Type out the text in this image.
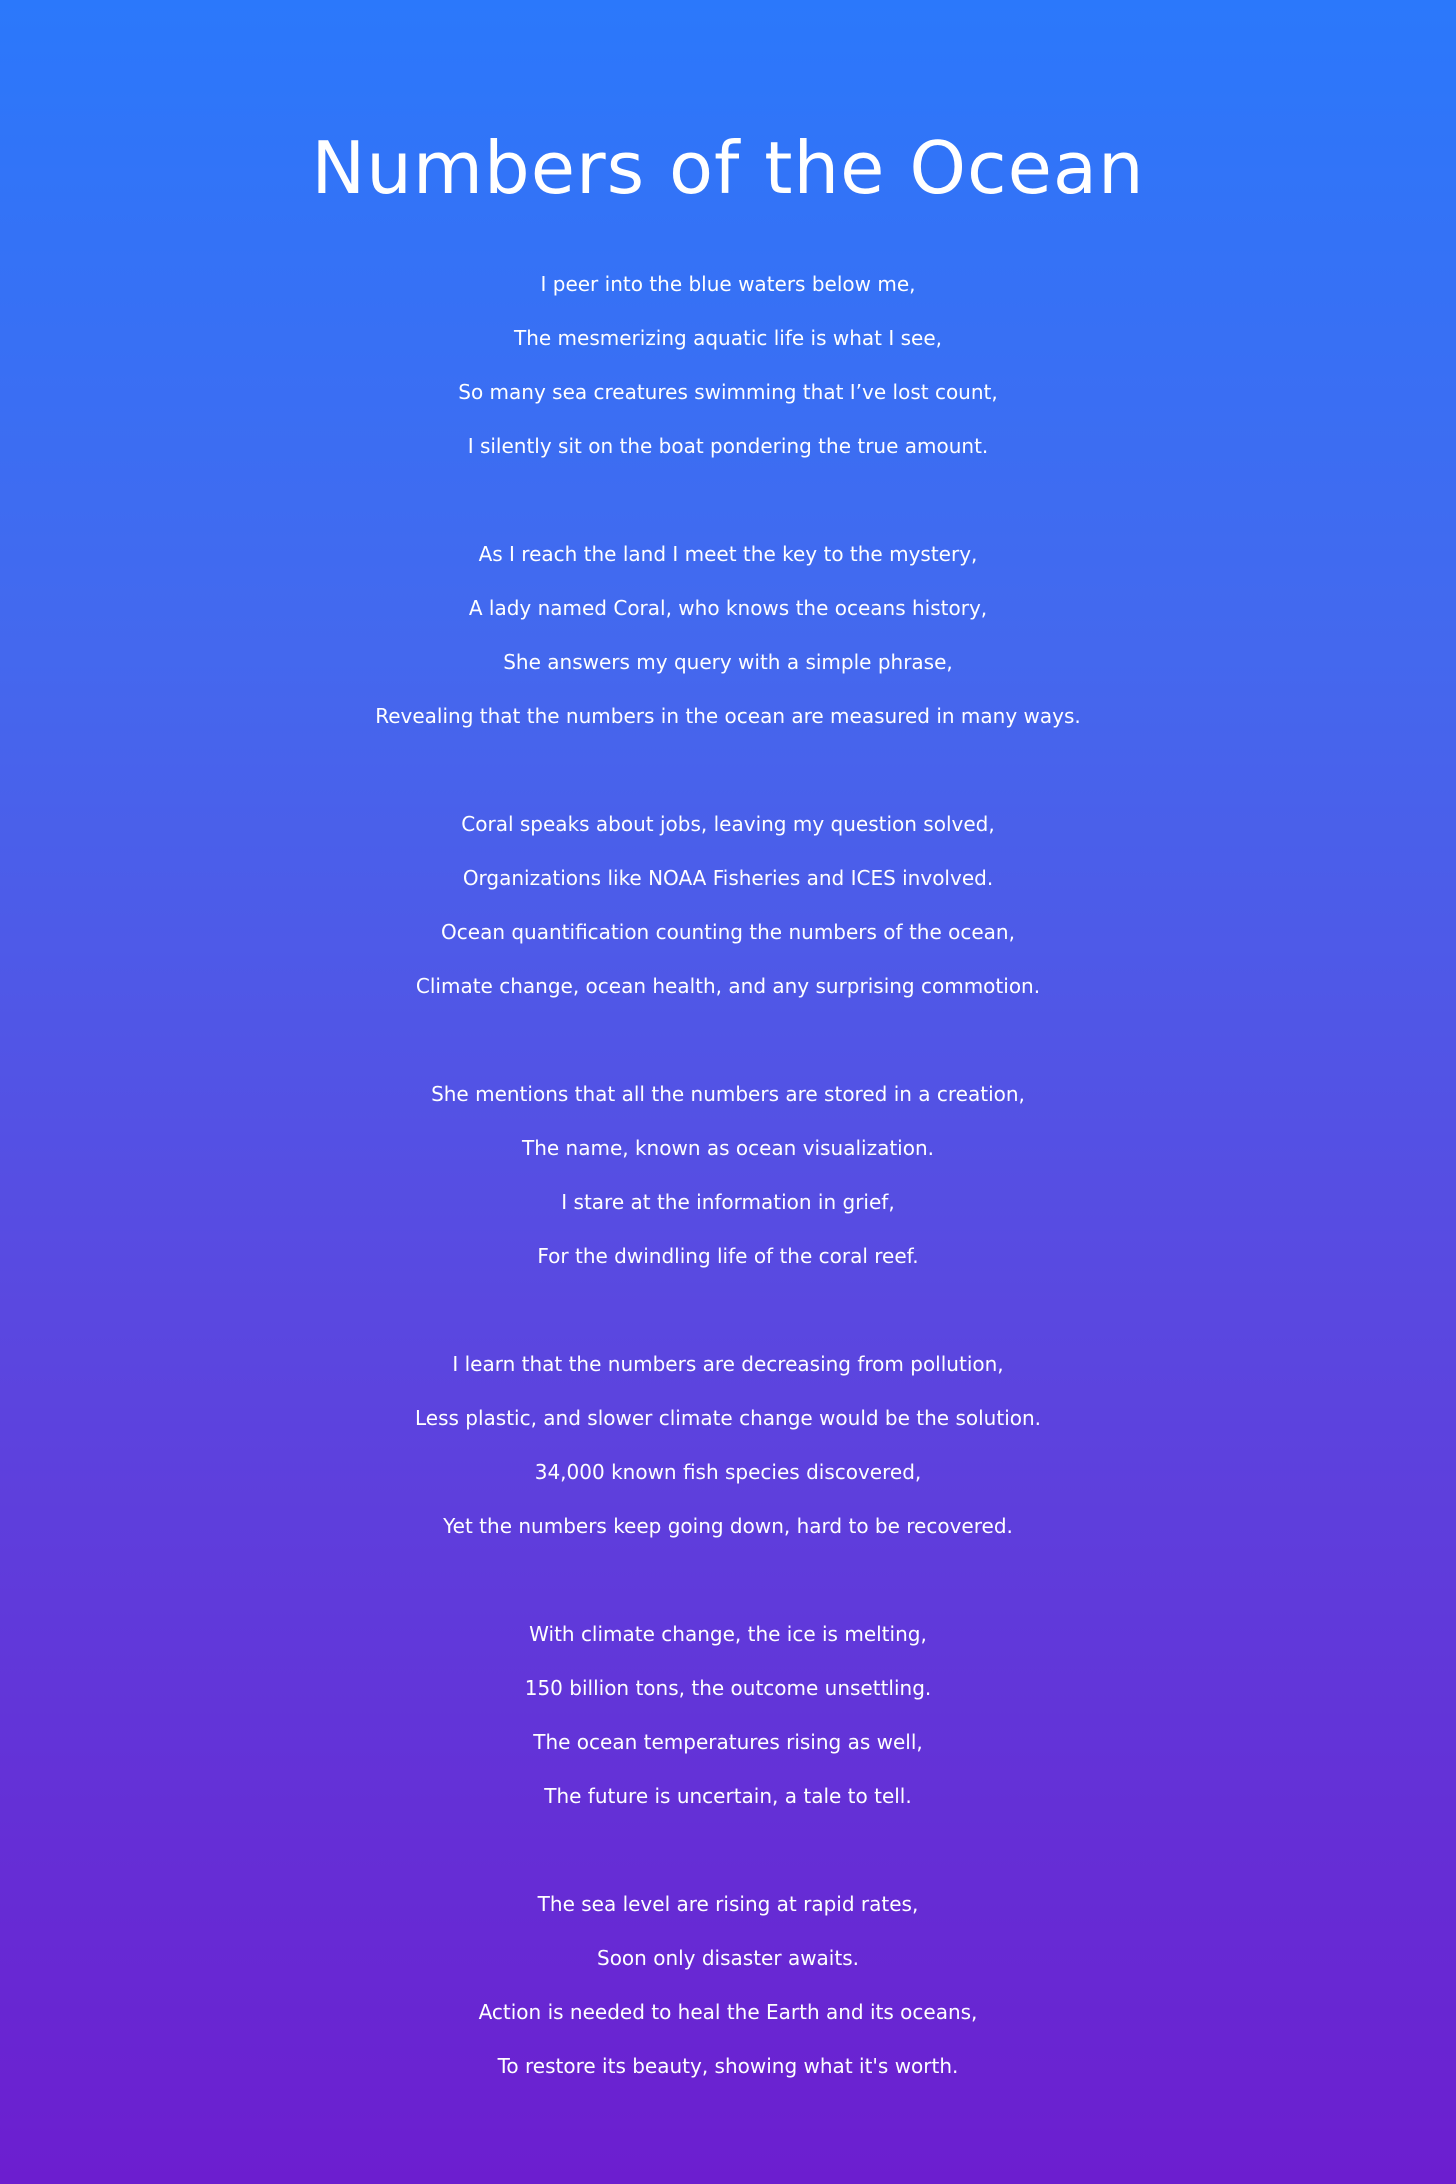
Numbers of the Ocean
I peer into the blue waters below me,
The mesmerizing aquatic life is what I see,
So many sea creatures swimming that I’ve lost count,
I silently sit on the boat pondering the true amount.
As I reach the land I meet the key to the mystery,
A lady named Coral, who knows the oceans history,
She answers my query with a simple phrase,
Revealing that the numbers in the ocean are measured in many ways.
Coral speaks about jobs, leaving my question solved,
Organizations like NOAA Fisheries and ICES involved.
Ocean quantification counting the numbers of the ocean,
Climate change, ocean health, and any surprising commotion.
She mentions that all the numbers are stored in a creation,
The name, known as ocean visualization.
I stare at the information in grief,
For the dwindling life of the coral reef.
I learn that the numbers are decreasing from pollution,
Less plastic, and slower climate change would be the solution.
34,000 known fish species discovered,
Yet the numbers keep going down, hard to be recovered.
With climate change, the ice is melting,
150 billion tons, the outcome unsettling.
The ocean temperatures rising as well,
The future is uncertain, a tale to tell.
The sea level are rising at rapid rates,
Soon only disaster awaits.
Action is needed to heal the Earth and its oceans,
To restore its beauty, showing what it's worth.
